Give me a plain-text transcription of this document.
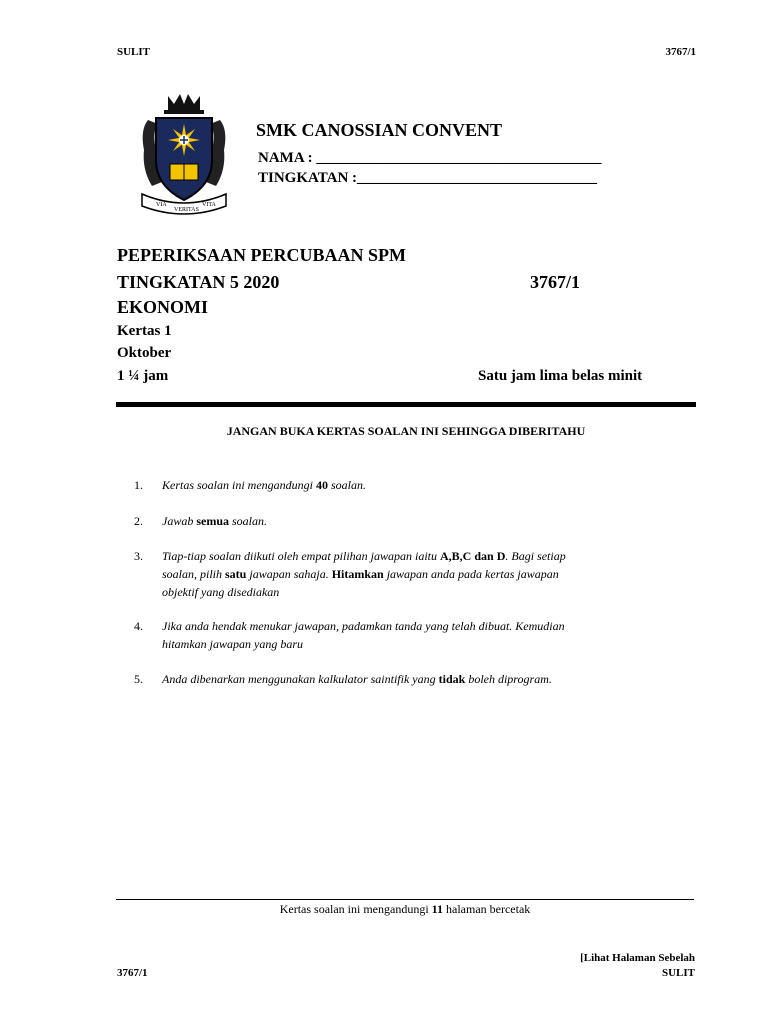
SULIT	3767/1
VIA
VERITAS
VITA
SMK CANOSSIAN CONVENT
NAMA : ______________________________________
TINGKATAN :________________________________
PEPERIKSAAN PERCUBAAN SPM
TINGKATAN 5 2020	3767/1
EKONOMI
Kertas 1
Oktober
1 ¼ jam	Satu jam lima belas minit
JANGAN BUKA KERTAS SOALAN INI SEHINGGA DIBERITAHU
1. Kertas soalan ini mengandungi 40 soalan.
2. Jawab semua soalan.
3. Tiap-tiap soalan diikuti oleh empat pilihan jawapan iaitu A,B,C dan D. Bagi setiap soalan, pilih satu jawapan sahaja. Hitamkan jawapan anda pada kertas jawapan objektif yang disediakan
4. Jika anda hendak menukar jawapan, padamkan tanda yang telah dibuat. Kemudian hitamkan jawapan yang baru
5. Anda dibenarkan menggunakan kalkulator saintifik yang tidak boleh diprogram.
Kertas soalan ini mengandungi 11 halaman bercetak
[Lihat Halaman Sebelah
3767/1	SULIT
